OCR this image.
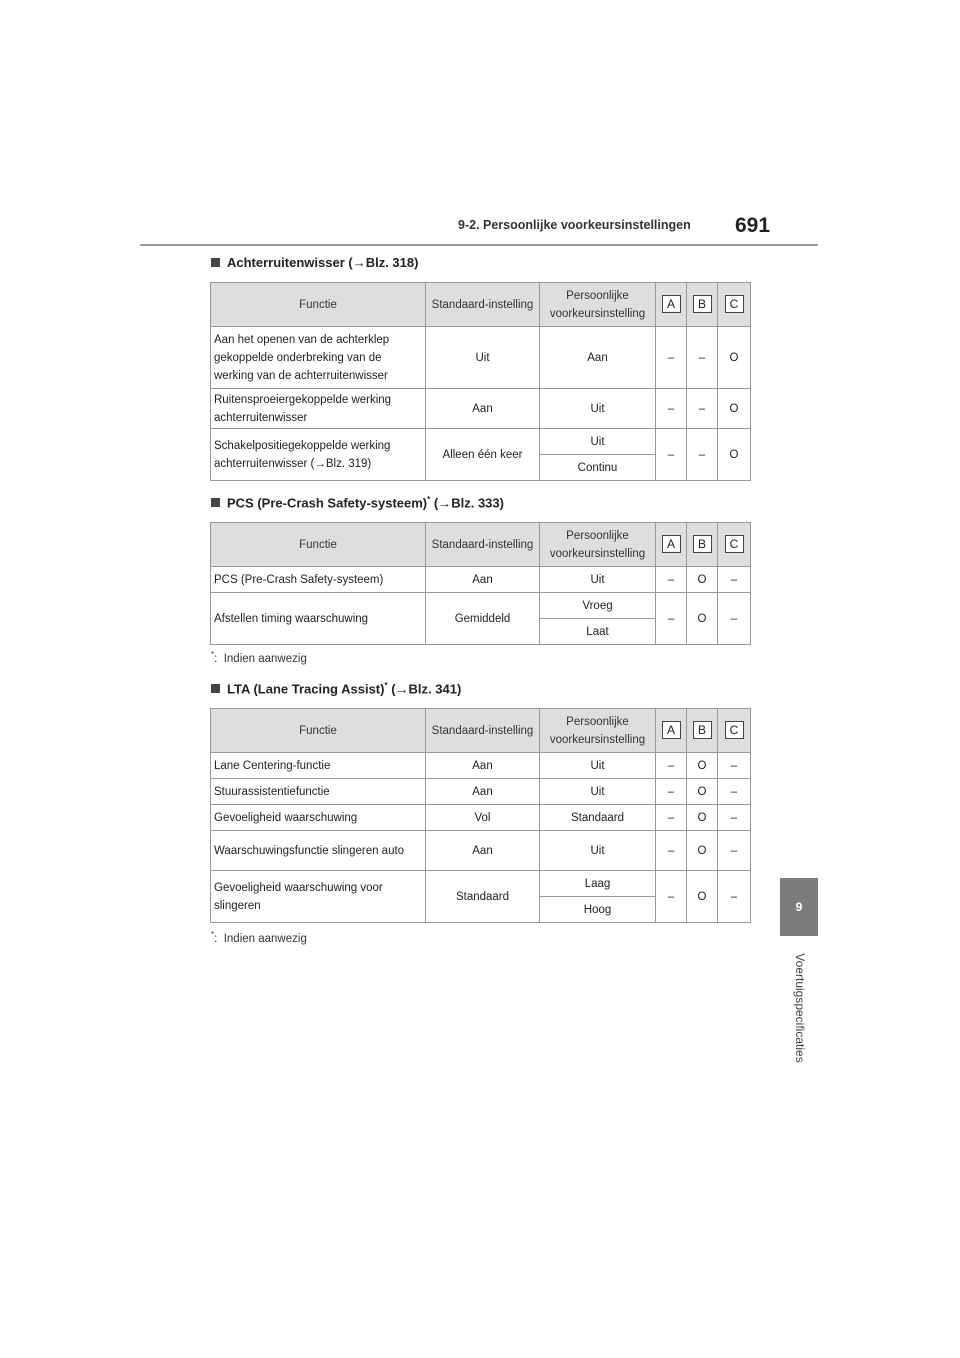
9-2. Persoonlijke voorkeursinstellingen 691
9
Voertuigspecificaties
Achterruitenwisser (→Blz. 318)
Functie	Standaard-instelling	Persoonlijke voorkeursinstelling	A	B	C
Aan het openen van de achterklep gekoppelde onderbreking van de werking van de achterruitenwisser	Uit	Aan	–	–	O
Ruitensproeiergekoppelde werking achterruitenwisser	Aan	Uit	–	–	O
Schakelpositiegekoppelde werking achterruitenwisser (→Blz. 319)	Alleen één keer	Uit	–	–	O
		Continu			
PCS (Pre-Crash Safety-systeem)* (→Blz. 333)
Functie	Standaard-instelling	Persoonlijke voorkeursinstelling	A	B	C
PCS (Pre-Crash Safety-systeem)	Aan	Uit	–	O	–
Afstellen timing waarschuwing	Gemiddeld	Vroeg	–	O	–
		Laat			
*:  Indien aanwezig
LTA (Lane Tracing Assist)* (→Blz. 341)
Functie	Standaard-instelling	Persoonlijke voorkeursinstelling	A	B	C
Lane Centering-functie	Aan	Uit	–	O	–
Stuurassistentiefunctie	Aan	Uit	–	O	–
Gevoeligheid waarschuwing	Vol	Standaard	–	O	–
Waarschuwingsfunctie slingeren auto	Aan	Uit	–	O	–
Gevoeligheid waarschuwing voor slingeren	Standaard	Laag	–	O	–
		Hoog			
*:  Indien aanwezig
